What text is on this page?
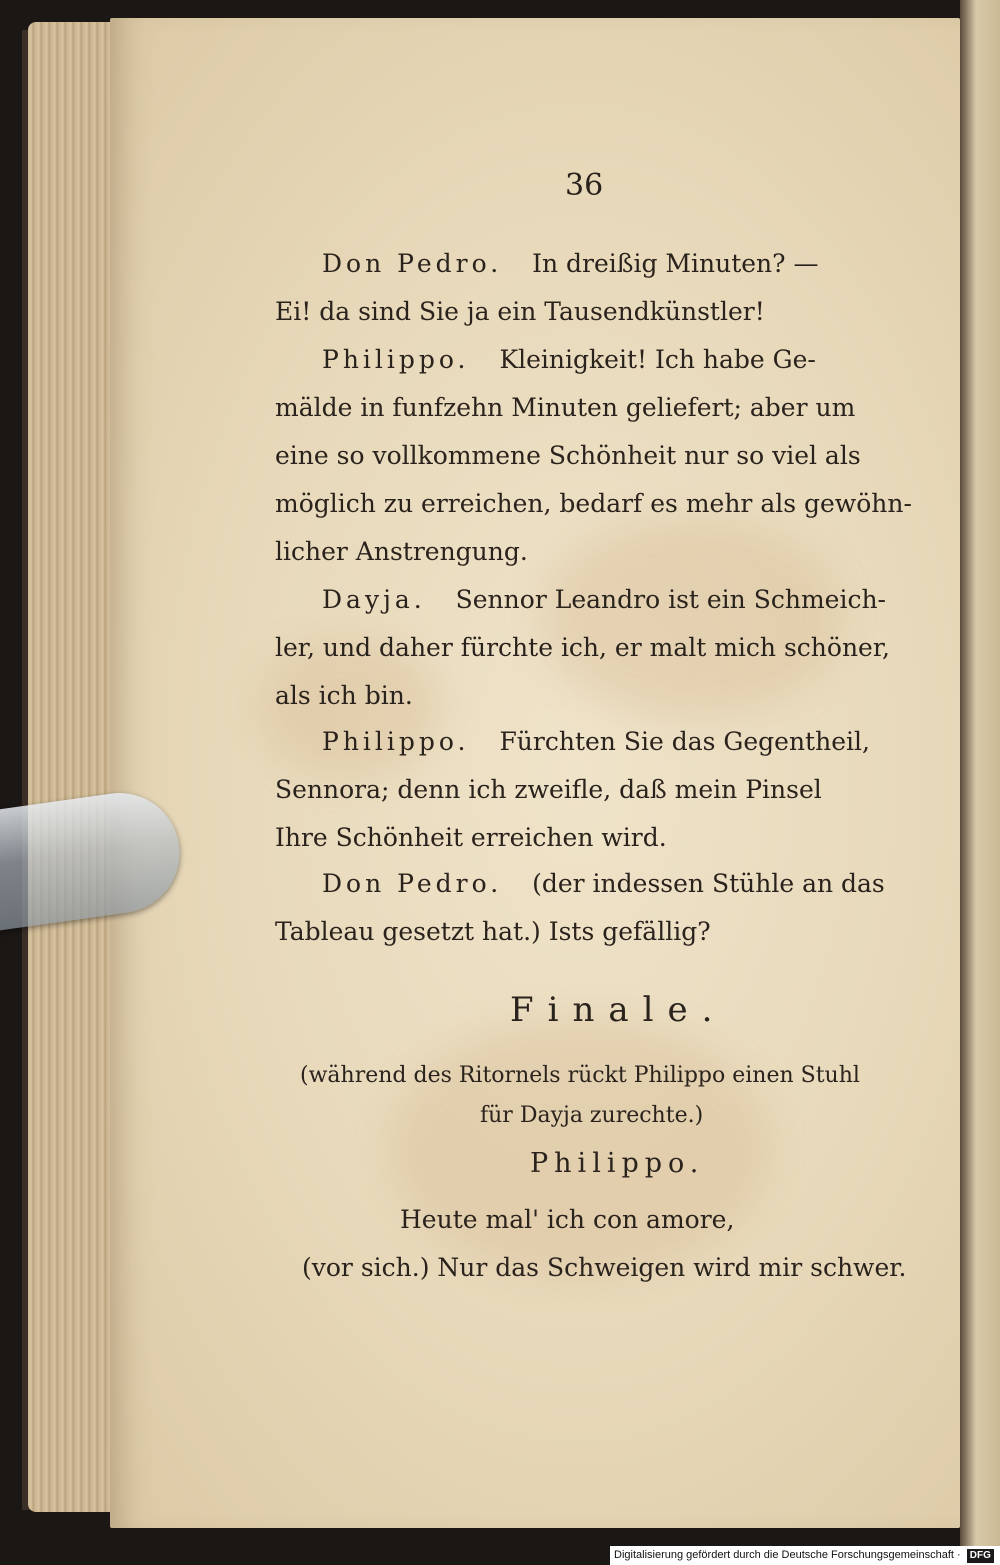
36
Don Pedro. In dreißig Minuten? —
Ei! da sind Sie ja ein Tausendkünstler!
Philippo. Kleinigkeit! Ich habe Ge-
mälde in funfzehn Minuten geliefert; aber um
eine so vollkommene Schönheit nur so viel als
möglich zu erreichen, bedarf es mehr als gewöhn-
licher Anstrengung.
Dayja. Sennor Leandro ist ein Schmeich-
ler, und daher fürchte ich, er malt mich schöner,
als ich bin.
Philippo. Fürchten Sie das Gegentheil,
Sennora; denn ich zweifle, daß mein Pinsel
Ihre Schönheit erreichen wird.
Don Pedro. (der indessen Stühle an das
Tableau gesetzt hat.) Ists gefällig?
Finale.
(während des Ritornels rückt Philippo einen Stuhl
für Dayja zurechte.)
Philippo.
Heute mal' ich con amore,
(vor sich.) Nur das Schweigen wird mir schwer.
Digitalisierung gefördert durch die Deutsche Forschungsgemeinschaft · DFG
